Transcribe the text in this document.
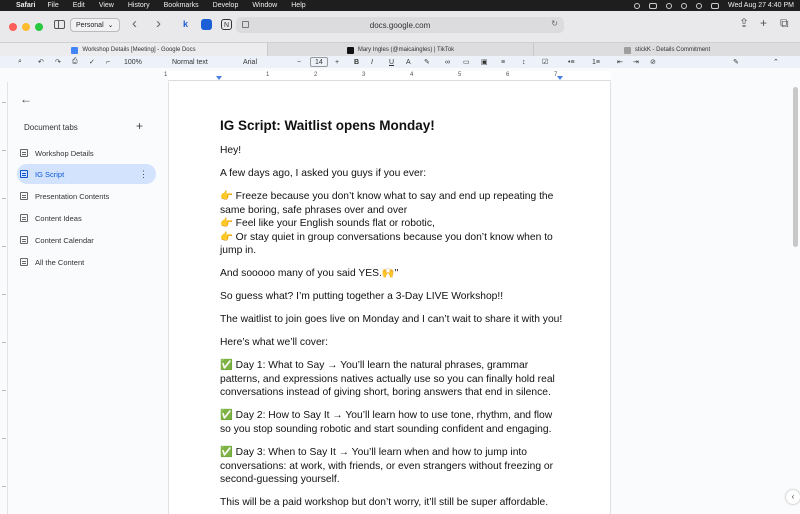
Safari File Edit View History Bookmarks Develop Window Help	Wed Aug 27 4:40 PM
Personal ⌄ ‹ ›	k	N	docs.google.com	↻	⇪ + ⧉
Workshop Details [Meeting] - Google Docs	Mary Ingles (@maicaingles) | TikTok	stickK - Details Commitment
⌕ ↶ ↷ ⎙ ✓ ⌐ 100%	Normal text	Arial	−	14	+ B I U A ✎ ∞ ▭ ▣ ≡ ↕ ☑	•≡ 1≡ ⇤ ⇥ ⊘	✎	⌃
1	1	2	3	4	5	6	7
←
Document tabs	+
Workshop Details
IG Script	⋮
Presentation Contents
Content Ideas
Content Calendar
All the Content
IG Script: Waitlist opens Monday!

Hey!

A few days ago, I asked you guys if you ever:

👉 Freeze because you don’t know what to say and end up repeating the
same boring, safe phrases over and over
👉 Feel like your English sounds flat or robotic,
👉 Or stay quiet in group conversations because you don’t know when to
jump in.

And sooooo many of you said YES.🙌"

So guess what? I’m putting together a 3-Day LIVE Workshop!!

The waitlist to join goes live on Monday and I can’t wait to share it with you!

Here’s what we’ll cover:

✅ Day 1: What to Say → You’ll learn the natural phrases, grammar
patterns, and expressions natives actually use so you can finally hold real
conversations instead of giving short, boring answers that end in silence.

✅ Day 2: How to Say It → You’ll learn how to use tone, rhythm, and flow
so you stop sounding robotic and start sounding confident and engaging.

✅ Day 3: When to Say It → You’ll learn when and how to jump into
conversations: at work, with friends, or even strangers without freezing or
second-guessing yourself.

This will be a paid workshop but don’t worry, it’ll still be super affordable.

‹
